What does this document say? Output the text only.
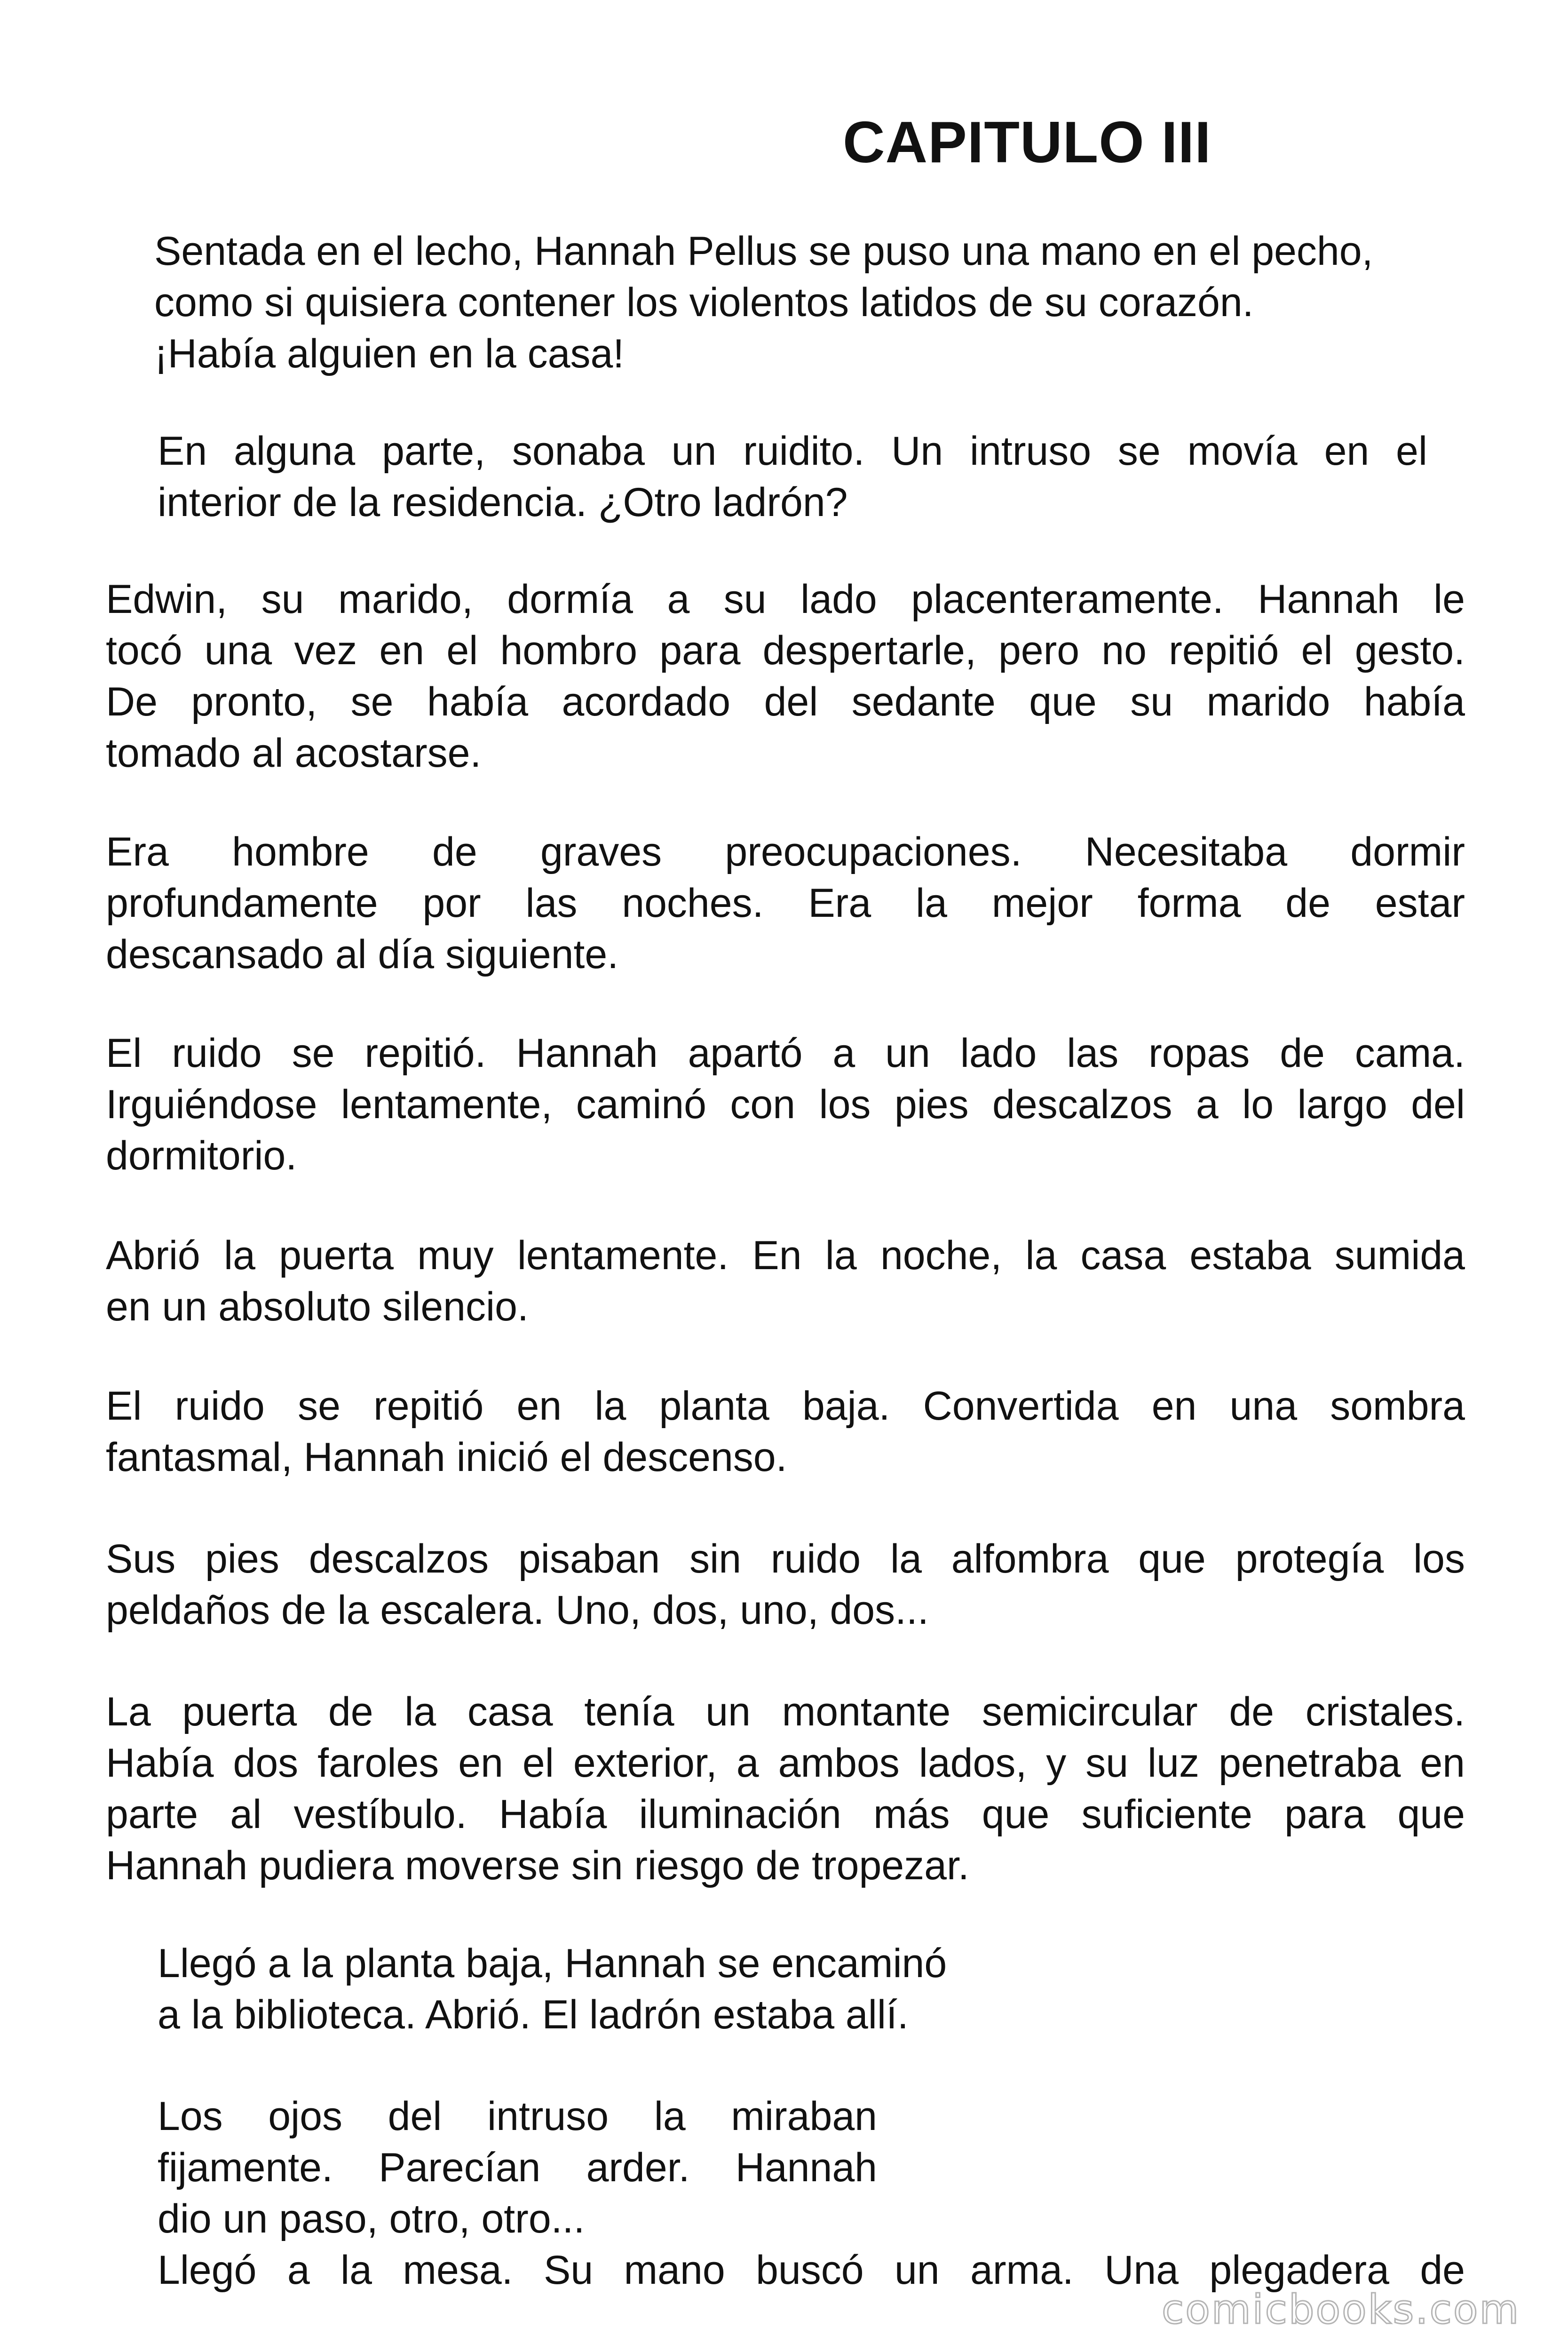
CAPITULO III
Sentada en el lecho, Hannah Pellus se puso una mano en el pecho,
como si quisiera contener los violentos latidos de su corazón.
¡Había alguien en la casa!
En alguna parte, sonaba un ruidito. Un intruso se movía en el
interior de la residencia. ¿Otro ladrón?
Edwin, su marido, dormía a su lado placenteramente. Hannah le
tocó una vez en el hombro para despertarle, pero no repitió el gesto.
De pronto, se había acordado del sedante que su marido había
tomado al acostarse.
Era hombre de graves preocupaciones. Necesitaba dormir
profundamente por las noches. Era la mejor forma de estar
descansado al día siguiente.
El ruido se repitió. Hannah apartó a un lado las ropas de cama.
Irguiéndose lentamente, caminó con los pies descalzos a lo largo del
dormitorio.
Abrió la puerta muy lentamente. En la noche, la casa estaba sumida
en un absoluto silencio.
El ruido se repitió en la planta baja. Convertida en una sombra
fantasmal, Hannah inició el descenso.
Sus pies descalzos pisaban sin ruido la alfombra que protegía los
peldaños de la escalera. Uno, dos, uno, dos...
La puerta de la casa tenía un montante semicircular de cristales.
Había dos faroles en el exterior, a ambos lados, y su luz penetraba en
parte al vestíbulo. Había iluminación más que suficiente para que
Hannah pudiera moverse sin riesgo de tropezar.
Llegó a la planta baja, Hannah se encaminó
a la biblioteca. Abrió. El ladrón estaba allí.
Los ojos del intruso la miraban
fijamente. Parecían arder. Hannah
dio un paso, otro, otro...
Llegó a la mesa. Su mano buscó un arma. Una plegadera de
comicbooks.com
